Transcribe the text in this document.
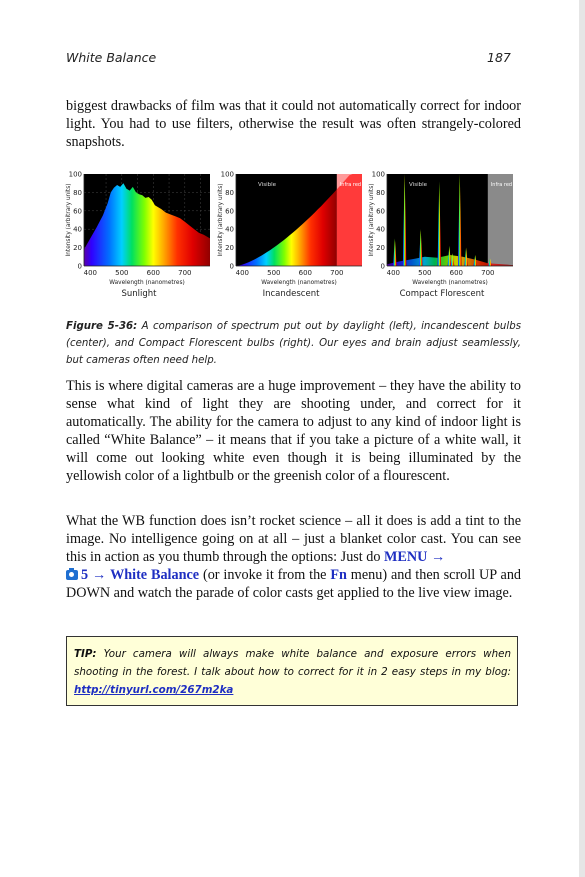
White Balance	187

biggest drawbacks of film was that it could not automatically correct for indoor light. You had to use filters, otherwise the result was often strangely-colored snapshots.

0
20
40
60
80
100
400	500	600	700
Wavelength (nanometres)
Intensity (arbitrary units)
Sunlight
Visible	Infra red
0
20
40
60
80
100
400	500	600	700
Wavelength (nanometres)
Intensity (arbitrary units)
Incandescent
Visible	Infra red
0
20
40
60
80
100
400	500	600	700
Wavelength (nanometres)
Intensity (arbitrary units)
Compact Florescent

Figure 5-36: A comparison of spectrum put out by daylight (left), incandescent bulbs (center), and Compact Florescent bulbs (right). Our eyes and brain adjust seamlessly, but cameras often need help.

This is where digital cameras are a huge improvement – they have the ability to sense what kind of light they are shooting under, and correct for it automatically. The ability for the camera to adjust to any kind of indoor light is called “White Balance” – it means that if you take a picture of a white wall, it will come out looking white even though it is being illuminated by the yellowish color of a lightbulb or the greenish color of a flourescent.

What the WB function does isn’t rocket science – all it does is add a tint to the image. No intelligence going on at all – just a blanket color cast. You can see this in action as you thumb through the options: Just do MENU →
5 → White Balance (or invoke it from the Fn menu) and then scroll UP and DOWN and watch the parade of color casts get applied to the live view image.

TIP: Your camera will always make white balance and exposure errors when shooting in the forest. I talk about how to correct for it in 2 easy steps in my blog: http://tinyurl.com/267m2ka
